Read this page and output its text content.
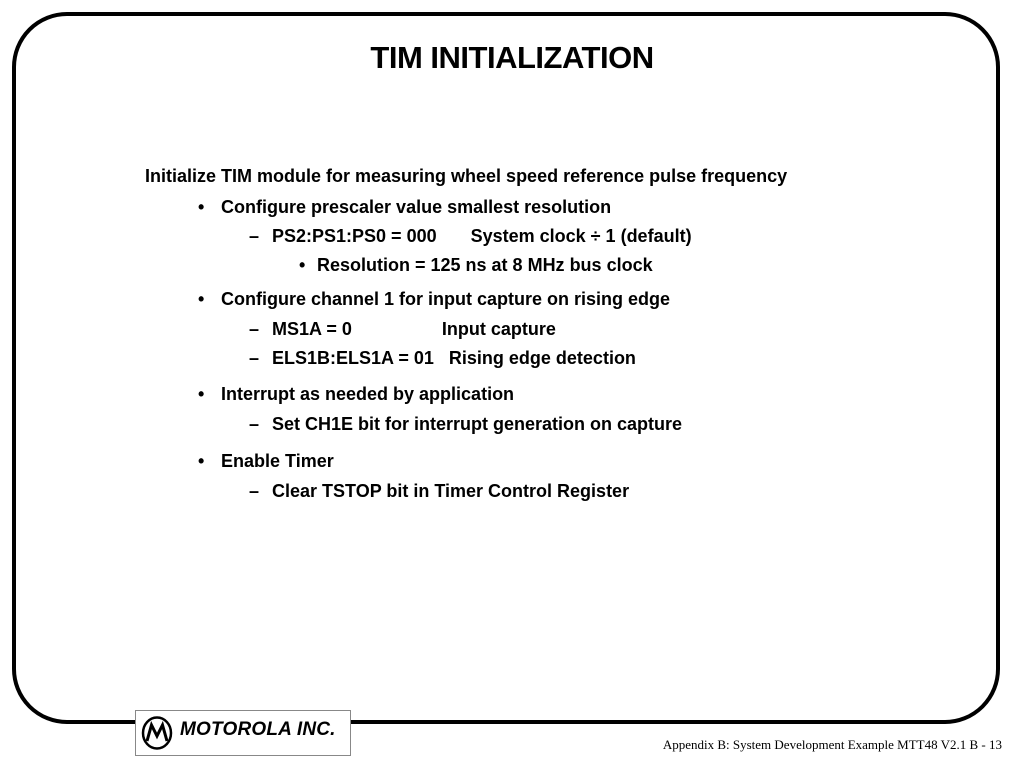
TIM INITIALIZATION
Initialize TIM module for measuring wheel speed reference pulse frequency
• Configure prescaler value smallest resolution
– PS2:PS1:PS0 = 000 System clock ÷ 1 (default)
• Resolution = 125 ns at 8 MHz bus clock
• Configure channel 1 for input capture on rising edge
– MS1A = 0	Input capture
– ELS1B:ELS1A = 01 Rising edge detection
• Interrupt as needed by application
– Set CH1E bit for interrupt generation on capture
• Enable Timer
– Clear TSTOP bit in Timer Control Register
MOTOROLA INC.
Appendix B: System Development Example MTT48 V2.1 B - 13
